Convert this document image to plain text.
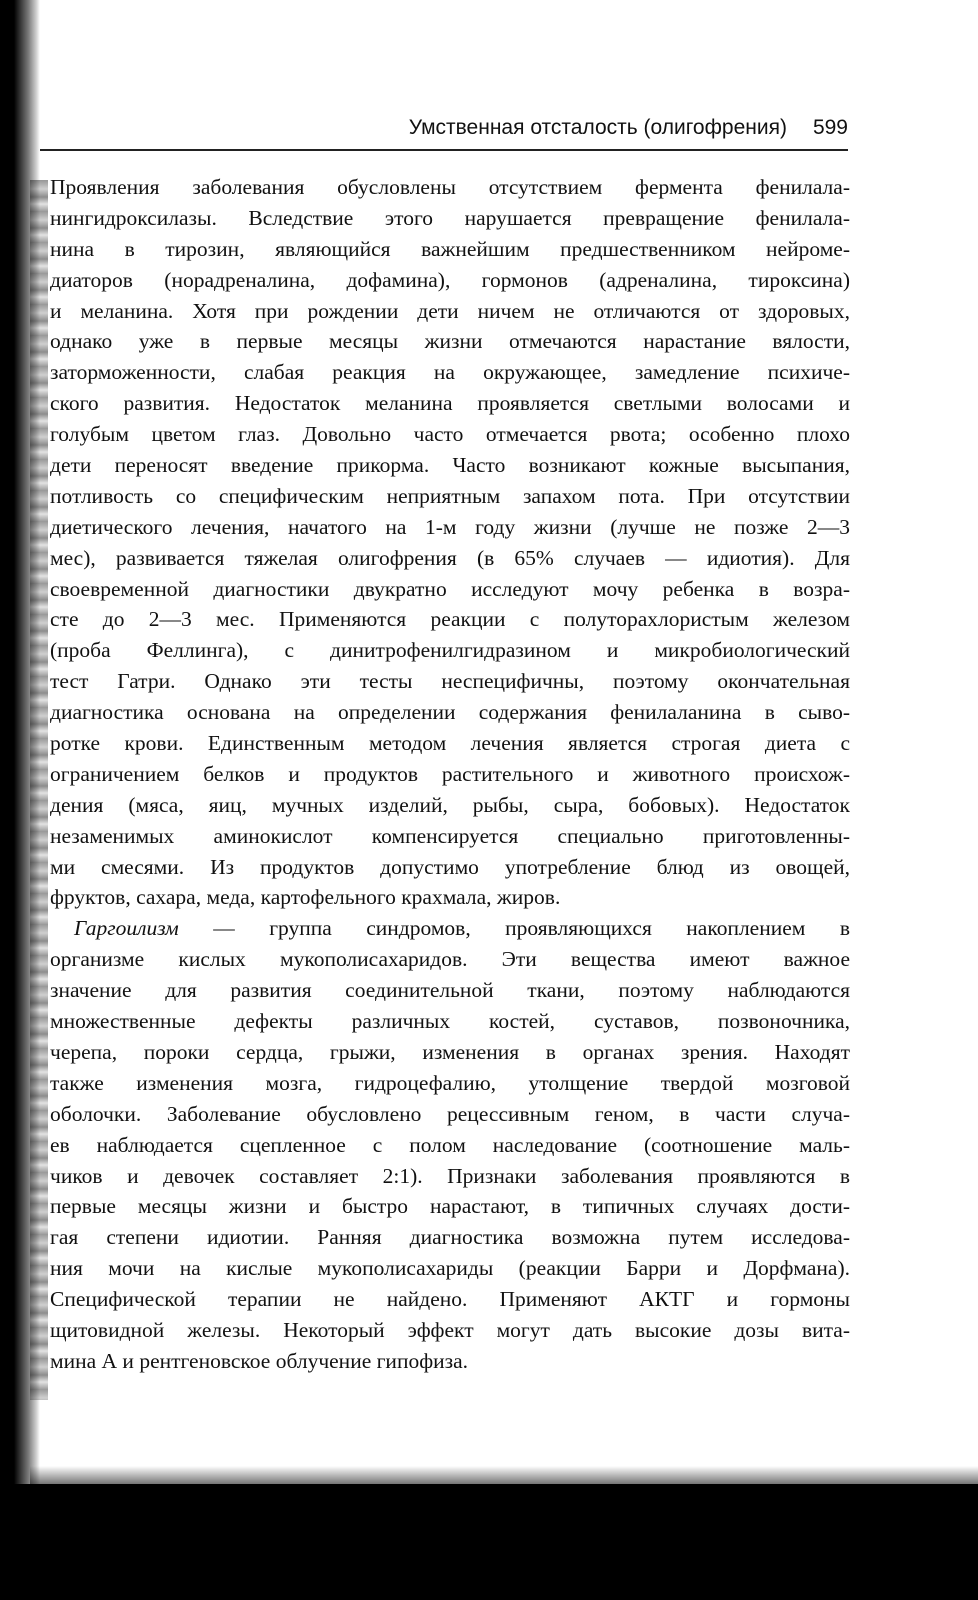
Умственная отсталость (олигофрения) 599
Проявления заболевания обусловлены отсутствием фермента фенилала-
нингидроксилазы. Вследствие этого нарушается превращение фенилала-
нина в тирозин, являющийся важнейшим предшественником нейроме-
диаторов (норадреналина, дофамина), гормонов (адреналина, тироксина)
и меланина. Хотя при рождении дети ничем не отличаются от здоровых,
однако уже в первые месяцы жизни отмечаются нарастание вялости,
заторможенности, слабая реакция на окружающее, замедление психиче-
ского развития. Недостаток меланина проявляется светлыми волосами и
голубым цветом глаз. Довольно часто отмечается рвота; особенно плохо
дети переносят введение прикорма. Часто возникают кожные высыпания,
потливость со специфическим неприятным запахом пота. При отсутствии
диетического лечения, начатого на 1-м году жизни (лучше не позже 2—3
мес), развивается тяжелая олигофрения (в 65% случаев — идиотия). Для
своевременной диагностики двукратно исследуют мочу ребенка в возра-
сте до 2—3 мес. Применяются реакции с полуторахлористым железом
(проба Феллинга), с динитрофенилгидразином и микробиологический
тест Гатри. Однако эти тесты неспецифичны, поэтому окончательная
диагностика основана на определении содержания фенилаланина в сыво-
ротке крови. Единственным методом лечения является строгая диета с
ограничением белков и продуктов растительного и животного происхож-
дения (мяса, яиц, мучных изделий, рыбы, сыра, бобовых). Недостаток
незаменимых аминокислот компенсируется специально приготовленны-
ми смесями. Из продуктов допустимо употребление блюд из овощей,
фруктов, сахара, меда, картофельного крахмала, жиров.
Гаргоилизм — группа синдромов, проявляющихся накоплением в
организме кислых мукополисахаридов. Эти вещества имеют важное
значение для развития соединительной ткани, поэтому наблюдаются
множественные дефекты различных костей, суставов, позвоночника,
черепа, пороки сердца, грыжи, изменения в органах зрения. Находят
также изменения мозга, гидроцефалию, утолщение твердой мозговой
оболочки. Заболевание обусловлено рецессивным геном, в части случа-
ев наблюдается сцепленное с полом наследование (соотношение маль-
чиков и девочек составляет 2:1). Признаки заболевания проявляются в
первые месяцы жизни и быстро нарастают, в типичных случаях дости-
гая степени идиотии. Ранняя диагностика возможна путем исследова-
ния мочи на кислые мукополисахариды (реакции Барри и Дорфмана).
Специфической терапии не найдено. Применяют АКТГ и гормоны
щитовидной железы. Некоторый эффект могут дать высокие дозы вита-
мина А и рентгеновское облучение гипофиза.
